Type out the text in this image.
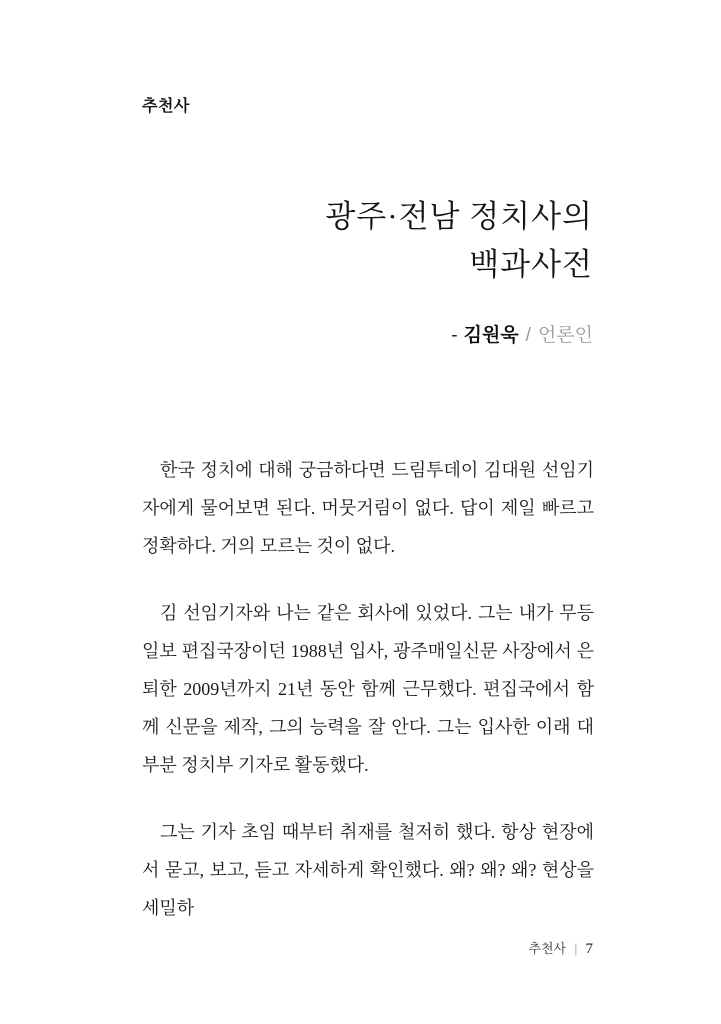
추천사
광주·전남 정치사의
백과사전
- 김원욱 / 언론인

한국 정치에 대해 궁금하다면 드림투데이 김대원 선임기자에게 물어보면 된다. 머뭇거림이 없다. 답이 제일 빠르고 정확하다. 거의 모르는 것이 없다.

김 선임기자와 나는 같은 회사에 있었다. 그는 내가 무등일보 편집국장이던 1988년 입사, 광주매일신문 사장에서 은퇴한 2009년까지 21년 동안 함께 근무했다. 편집국에서 함께 신문을 제작, 그의 능력을 잘 안다. 그는 입사한 이래 대부분 정치부 기자로 활동했다.

그는 기자 초임 때부터 취재를 철저히 했다. 항상 현장에서 묻고, 보고, 듣고 자세하게 확인했다. 왜? 왜? 왜? 현상을 세밀하

추천사 | 7
